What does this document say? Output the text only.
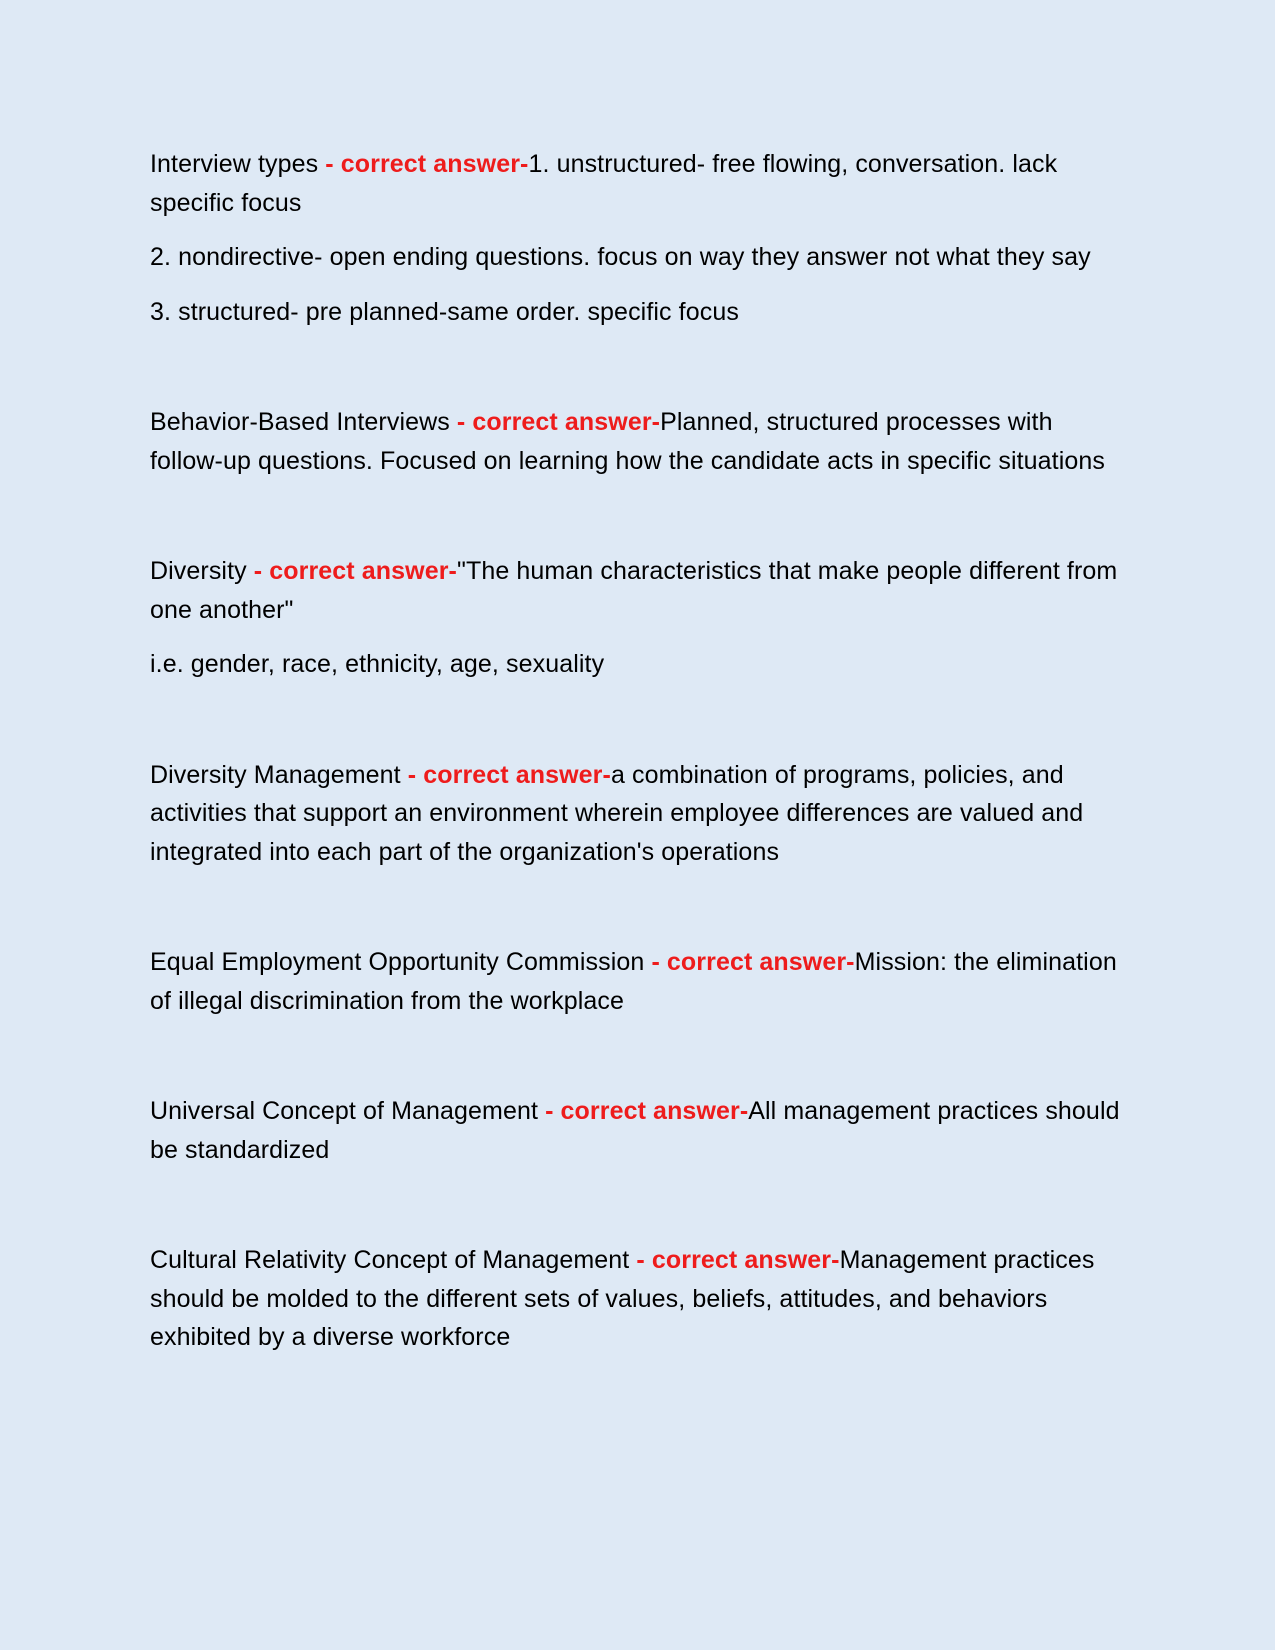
Interview types - correct answer-1. unstructured- free flowing, conversation. lack specific focus

2. nondirective- open ending questions. focus on way they answer not what they say

3. structured- pre planned-same order. specific focus

Behavior-Based Interviews - correct answer-Planned, structured processes with follow-up questions. Focused on learning how the candidate acts in specific situations

Diversity - correct answer-"The human characteristics that make people different from one another"

i.e. gender, race, ethnicity, age, sexuality

Diversity Management - correct answer-a combination of programs, policies, and activities that support an environment wherein employee differences are valued and integrated into each part of the organization's operations

Equal Employment Opportunity Commission - correct answer-Mission: the elimination of illegal discrimination from the workplace

Universal Concept of Management - correct answer-All management practices should be standardized

Cultural Relativity Concept of Management - correct answer-Management practices should be molded to the different sets of values, beliefs, attitudes, and behaviors exhibited by a diverse workforce
